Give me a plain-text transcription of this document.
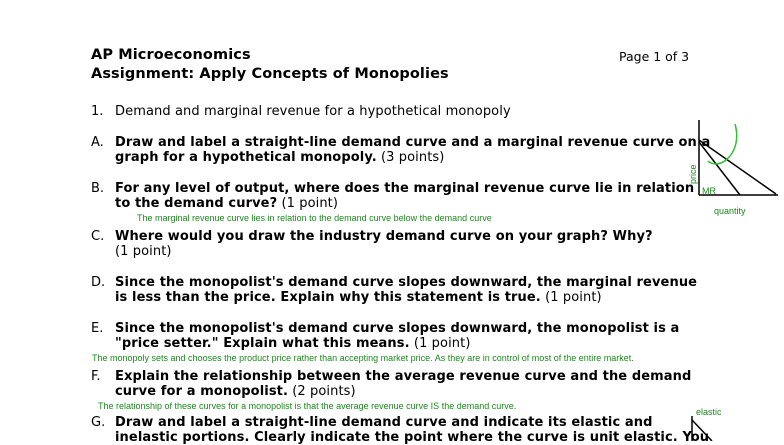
AP Microeconomics
Assignment: Apply Concepts of Monopolies
Page 1 of 3
1. Demand and marginal revenue for a hypothetical monopoly
A. Draw and label a straight-line demand curve and a marginal revenue curve on a
graph for a hypothetical monopoly. (3 points)
B. For any level of output, where does the marginal revenue curve lie in relation
to the demand curve? (1 point)
The marginal revenue curve lies in relation to the demand curve below the demand curve
C. Where would you draw the industry demand curve on your graph? Why?
(1 point)
D. Since the monopolist's demand curve slopes downward, the marginal revenue
is less than the price. Explain why this statement is true. (1 point)
E. Since the monopolist's demand curve slopes downward, the monopolist is a
"price setter." Explain what this means. (1 point)
The monopoly sets and chooses the product price rather than accepting market price. As they are in control of most of the entire market.
F. Explain the relationship between the average revenue curve and the demand
curve for a monopolist. (2 points)
The relationship of these curves for a monopolist is that the average revenue curve IS the demand curve.
G. Draw and label a straight-line demand curve and indicate its elastic and
inelastic portions. Clearly indicate the point where the curve is unit elastic. You
price
quantity
MR
elastic
